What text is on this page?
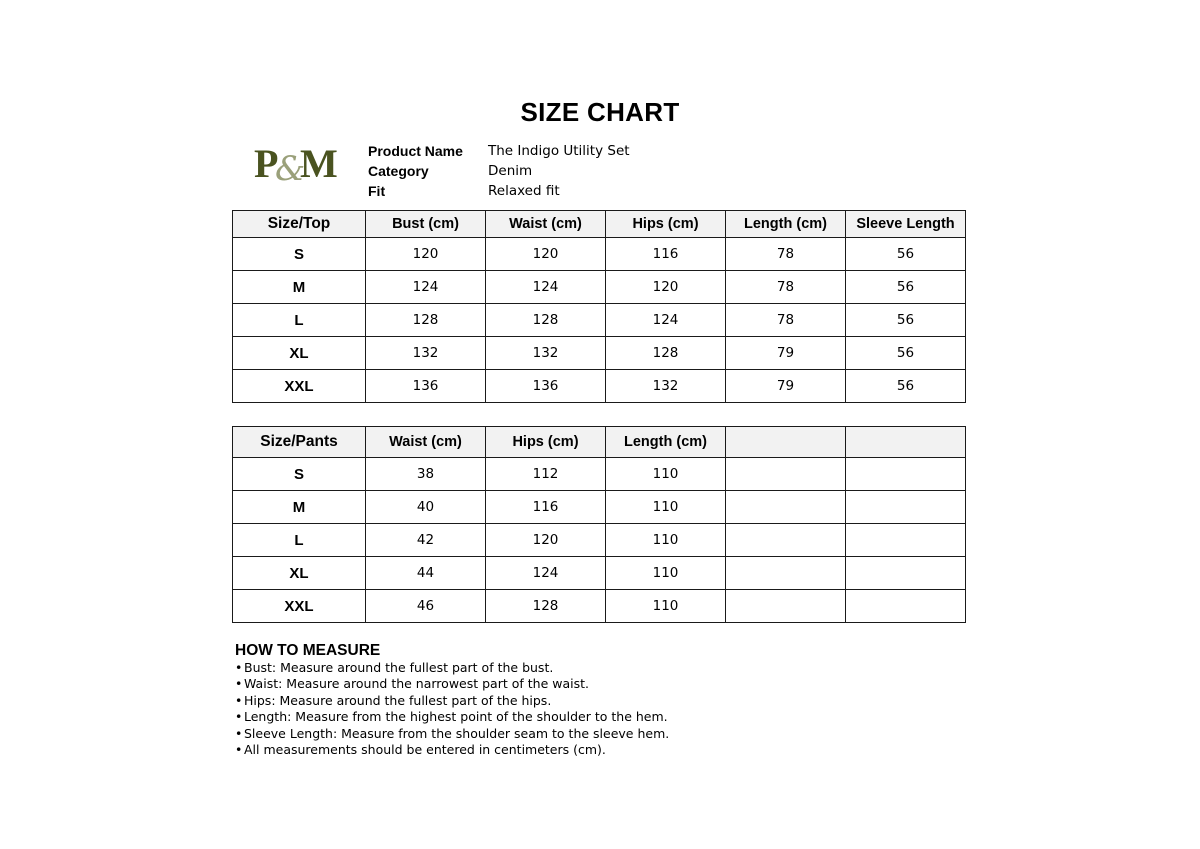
SIZE CHART
P
&
M Product Name	The Indigo Utility Set
Category	Denim
Fit	Relaxed fit
Size/Top	Bust (cm)	Waist (cm)	Hips (cm)	Length (cm)	Sleeve Length
S	120	120	116	78	56
M	124	124	120	78	56
L	128	128	124	78	56
XL	132	132	128	79	56
XXL	136	136	132	79	56
Size/Pants	Waist (cm)	Hips (cm)	Length (cm)		
S	38	112	110		
M	40	116	110		
L	42	120	110		
XL	44	124	110		
XXL	46	128	110		
HOW TO MEASURE
• Bust: Measure around the fullest part of the bust.
• Waist: Measure around the narrowest part of the waist.
• Hips: Measure around the fullest part of the hips.
• Length: Measure from the highest point of the shoulder to the hem.
• Sleeve Length: Measure from the shoulder seam to the sleeve hem.
• All measurements should be entered in centimeters (cm).
